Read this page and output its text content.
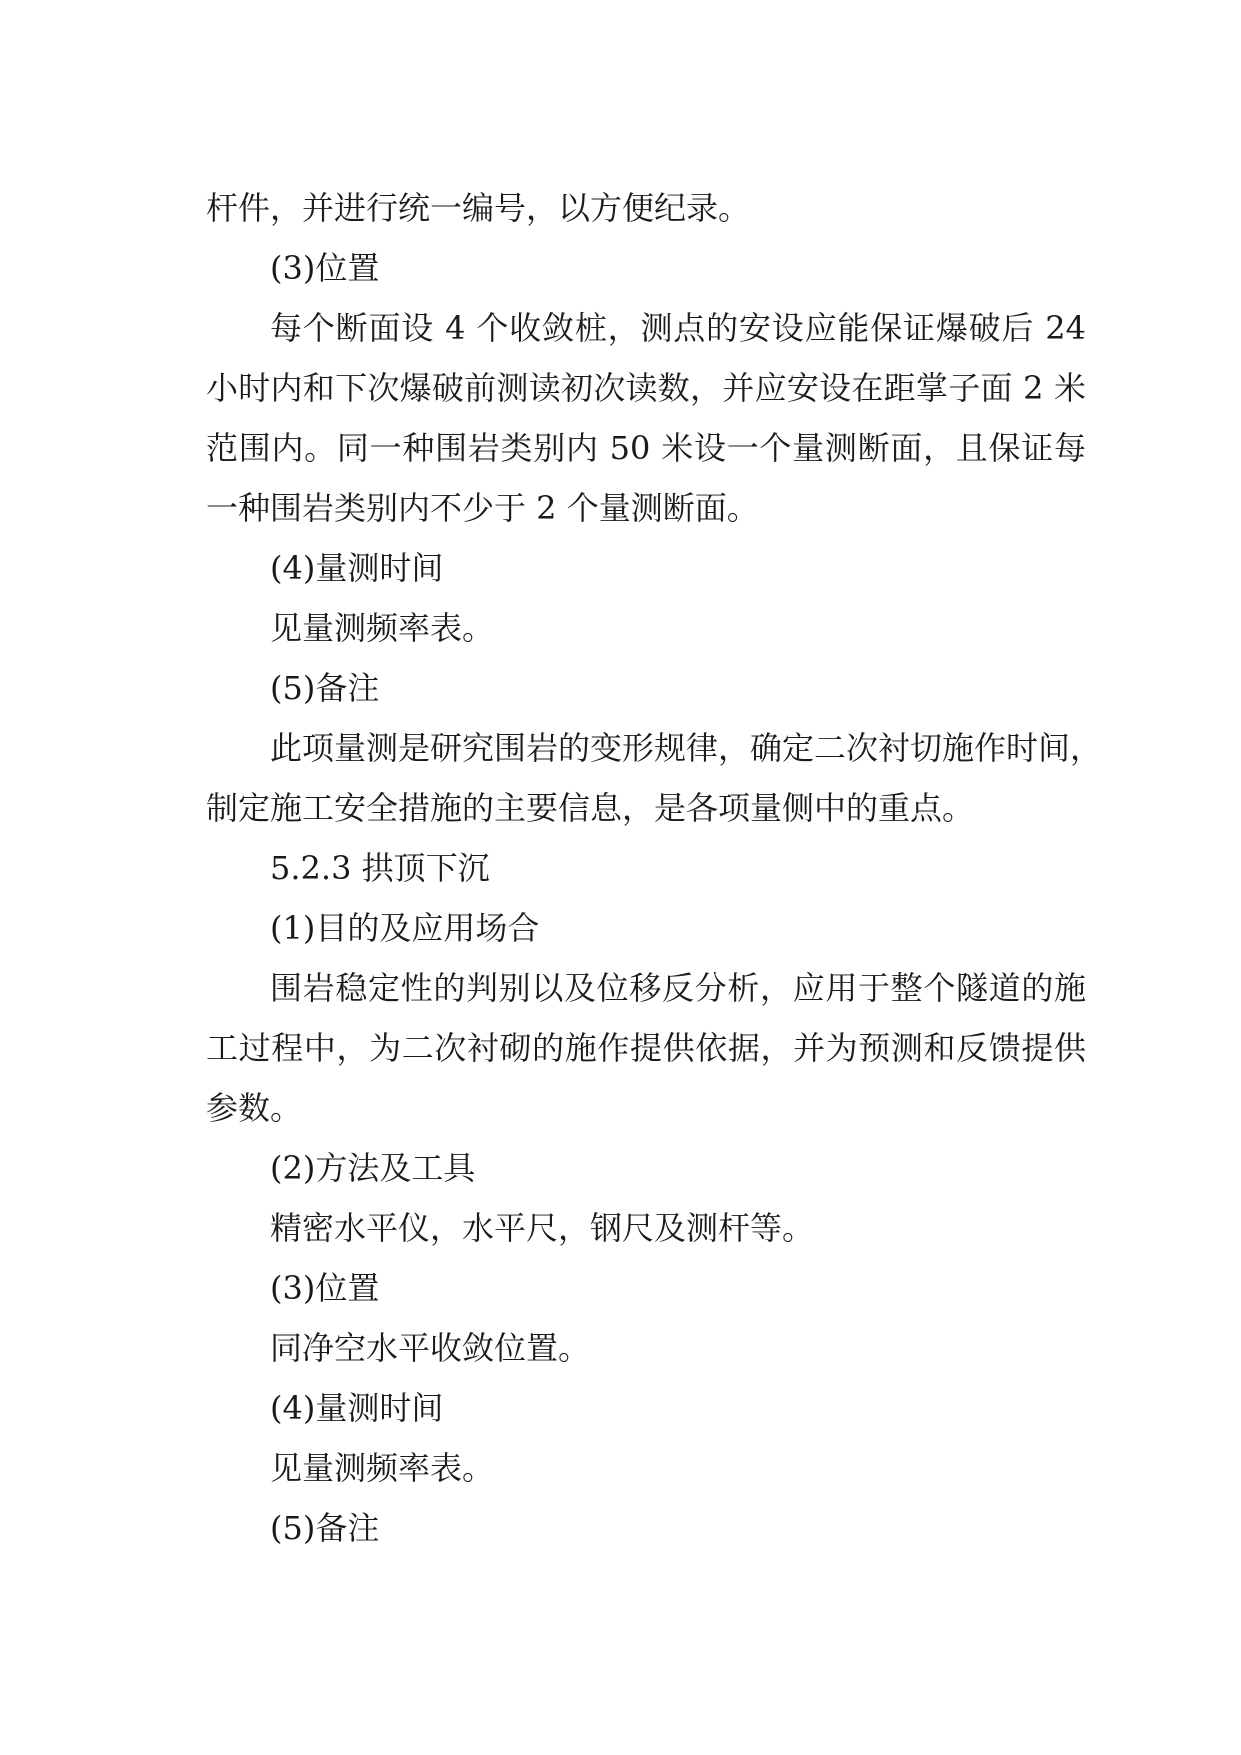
杆件，并进行统一编号，以方便纪录。

(3)位置

每个断面设 4 个收敛桩，测点的安设应能保证爆破后 24

小时内和下次爆破前测读初次读数，并应安设在距掌子面 2 米

范围内。同一种围岩类别内 50 米设一个量测断面，且保证每

一种围岩类别内不少于 2 个量测断面。

(4)量测时间

见量测频率表。

(5)备注

此项量测是研究围岩的变形规律，确定二次衬切施作时间，

制定施工安全措施的主要信息，是各项量侧中的重点。

5.2.3 拱顶下沉

(1)目的及应用场合

围岩稳定性的判别以及位移反分析，应用于整个隧道的施

工过程中，为二次衬砌的施作提供依据，并为预测和反馈提供

参数。

(2)方法及工具

精密水平仪，水平尺，钢尺及测杆等。

(3)位置

同净空水平收敛位置。

(4)量测时间

见量测频率表。

(5)备注
